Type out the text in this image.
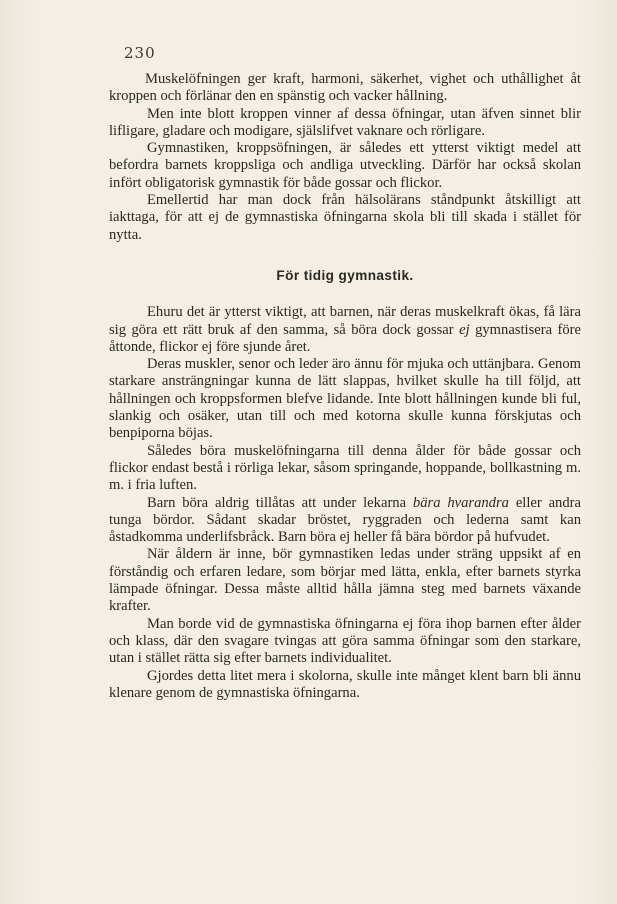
230

Muskelöfningen ger kraft, harmoni, säkerhet, vighet och uthållighet åt kroppen och förlänar den en spänstig och vacker hållning.

Men inte blott kroppen vinner af dessa öfningar, utan äfven sinnet blir lifligare, gladare och modigare, själslifvet vaknare och rörligare.

Gymnastiken, kroppsöfningen, är således ett ytterst viktigt medel att befordra barnets kroppsliga och andliga utveckling. Därför har också skolan infört obligatorisk gymnastik för både gossar och flickor.

Emellertid har man dock från hälsolärans ståndpunkt åtskilligt att iakttaga, för att ej de gymnastiska öfningarna skola bli till skada i stället för nytta.

För tidig gymnastik.

Ehuru det är ytterst viktigt, att barnen, när deras muskelkraft ökas, få lära sig göra ett rätt bruk af den samma, så böra dock gossar ej gymnastisera före åttonde, flickor ej före sjunde året.

Deras muskler, senor och leder äro ännu för mjuka och uttänjbara. Genom starkare ansträngningar kunna de lätt slappas, hvilket skulle ha till följd, att hållningen och kroppsformen blefve lidande. Inte blott hållningen kunde bli ful, slankig och osäker, utan till och med kotorna skulle kunna förskjutas och benpiporna böjas.

Således böra muskelöfningarna till denna ålder för både gossar och flickor endast bestå i rörliga lekar, såsom springande, hoppande, bollkastning m. m. i fria luften.

Barn böra aldrig tillåtas att under lekarna bära hvarandra eller andra tunga bördor. Sådant skadar bröstet, ryggraden och lederna samt kan åstadkomma underlifsbråck. Barn böra ej heller få bära bördor på hufvudet.

När åldern är inne, bör gymnastiken ledas under sträng uppsikt af en förståndig och erfaren ledare, som börjar med lätta, enkla, efter barnets styrka lämpade öfningar. Dessa måste alltid hålla jämna steg med barnets växande krafter.

Man borde vid de gymnastiska öfningarna ej föra ihop barnen efter ålder och klass, där den svagare tvingas att göra samma öfningar som den starkare, utan i stället rätta sig efter barnets individualitet.

Gjordes detta litet mera i skolorna, skulle inte månget klent barn bli ännu klenare genom de gymnastiska öfningarna.
